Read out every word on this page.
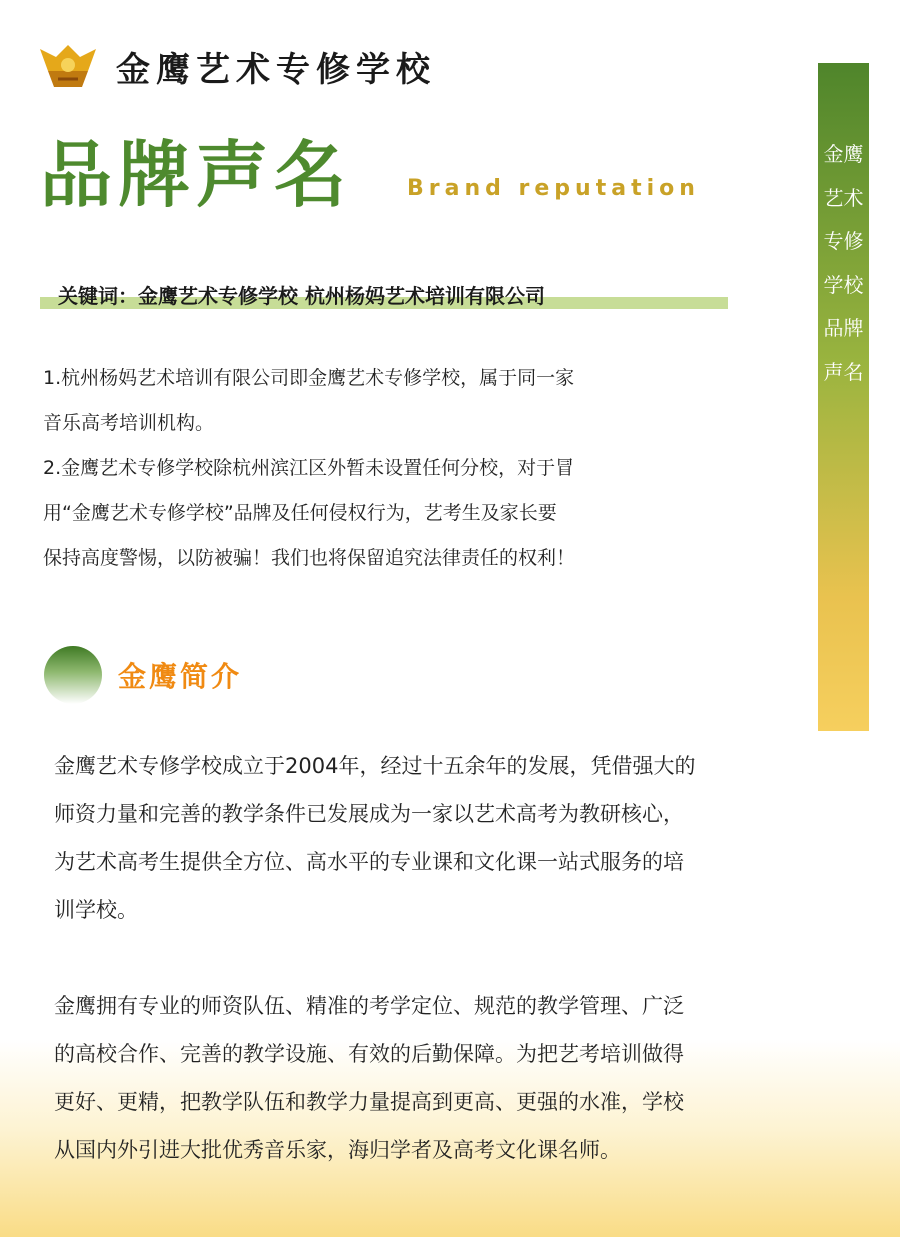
金鹰艺术专修学校
品牌声名 Brand reputation
关键词：金鹰艺术专修学校 杭州杨妈艺术培训有限公司

1.杭州杨妈艺术培训有限公司即金鹰艺术专修学校，属于同一家

音乐高考培训机构。

2.金鹰艺术专修学校除杭州滨江区外暂未设置任何分校，对于冒

用“金鹰艺术专修学校”品牌及任何侵权行为，艺考生及家长要

保持高度警惕，以防被骗！我们也将保留追究法律责任的权利！

金鹰简介

金鹰艺术专修学校成立于2004年，经过十五余年的发展，凭借强大的

师资力量和完善的教学条件已发展成为一家以艺术高考为教研核心，

为艺术高考生提供全方位、高水平的专业课和文化课一站式服务的培

训学校。

金鹰拥有专业的师资队伍、精准的考学定位、规范的教学管理、广泛

的高校合作、完善的教学设施、有效的后勤保障。为把艺考培训做得

更好、更精，把教学队伍和教学力量提高到更高、更强的水准，学校

从国内外引进大批优秀音乐家，海归学者及高考文化课名师。

金鹰艺术专修学校品牌声名
